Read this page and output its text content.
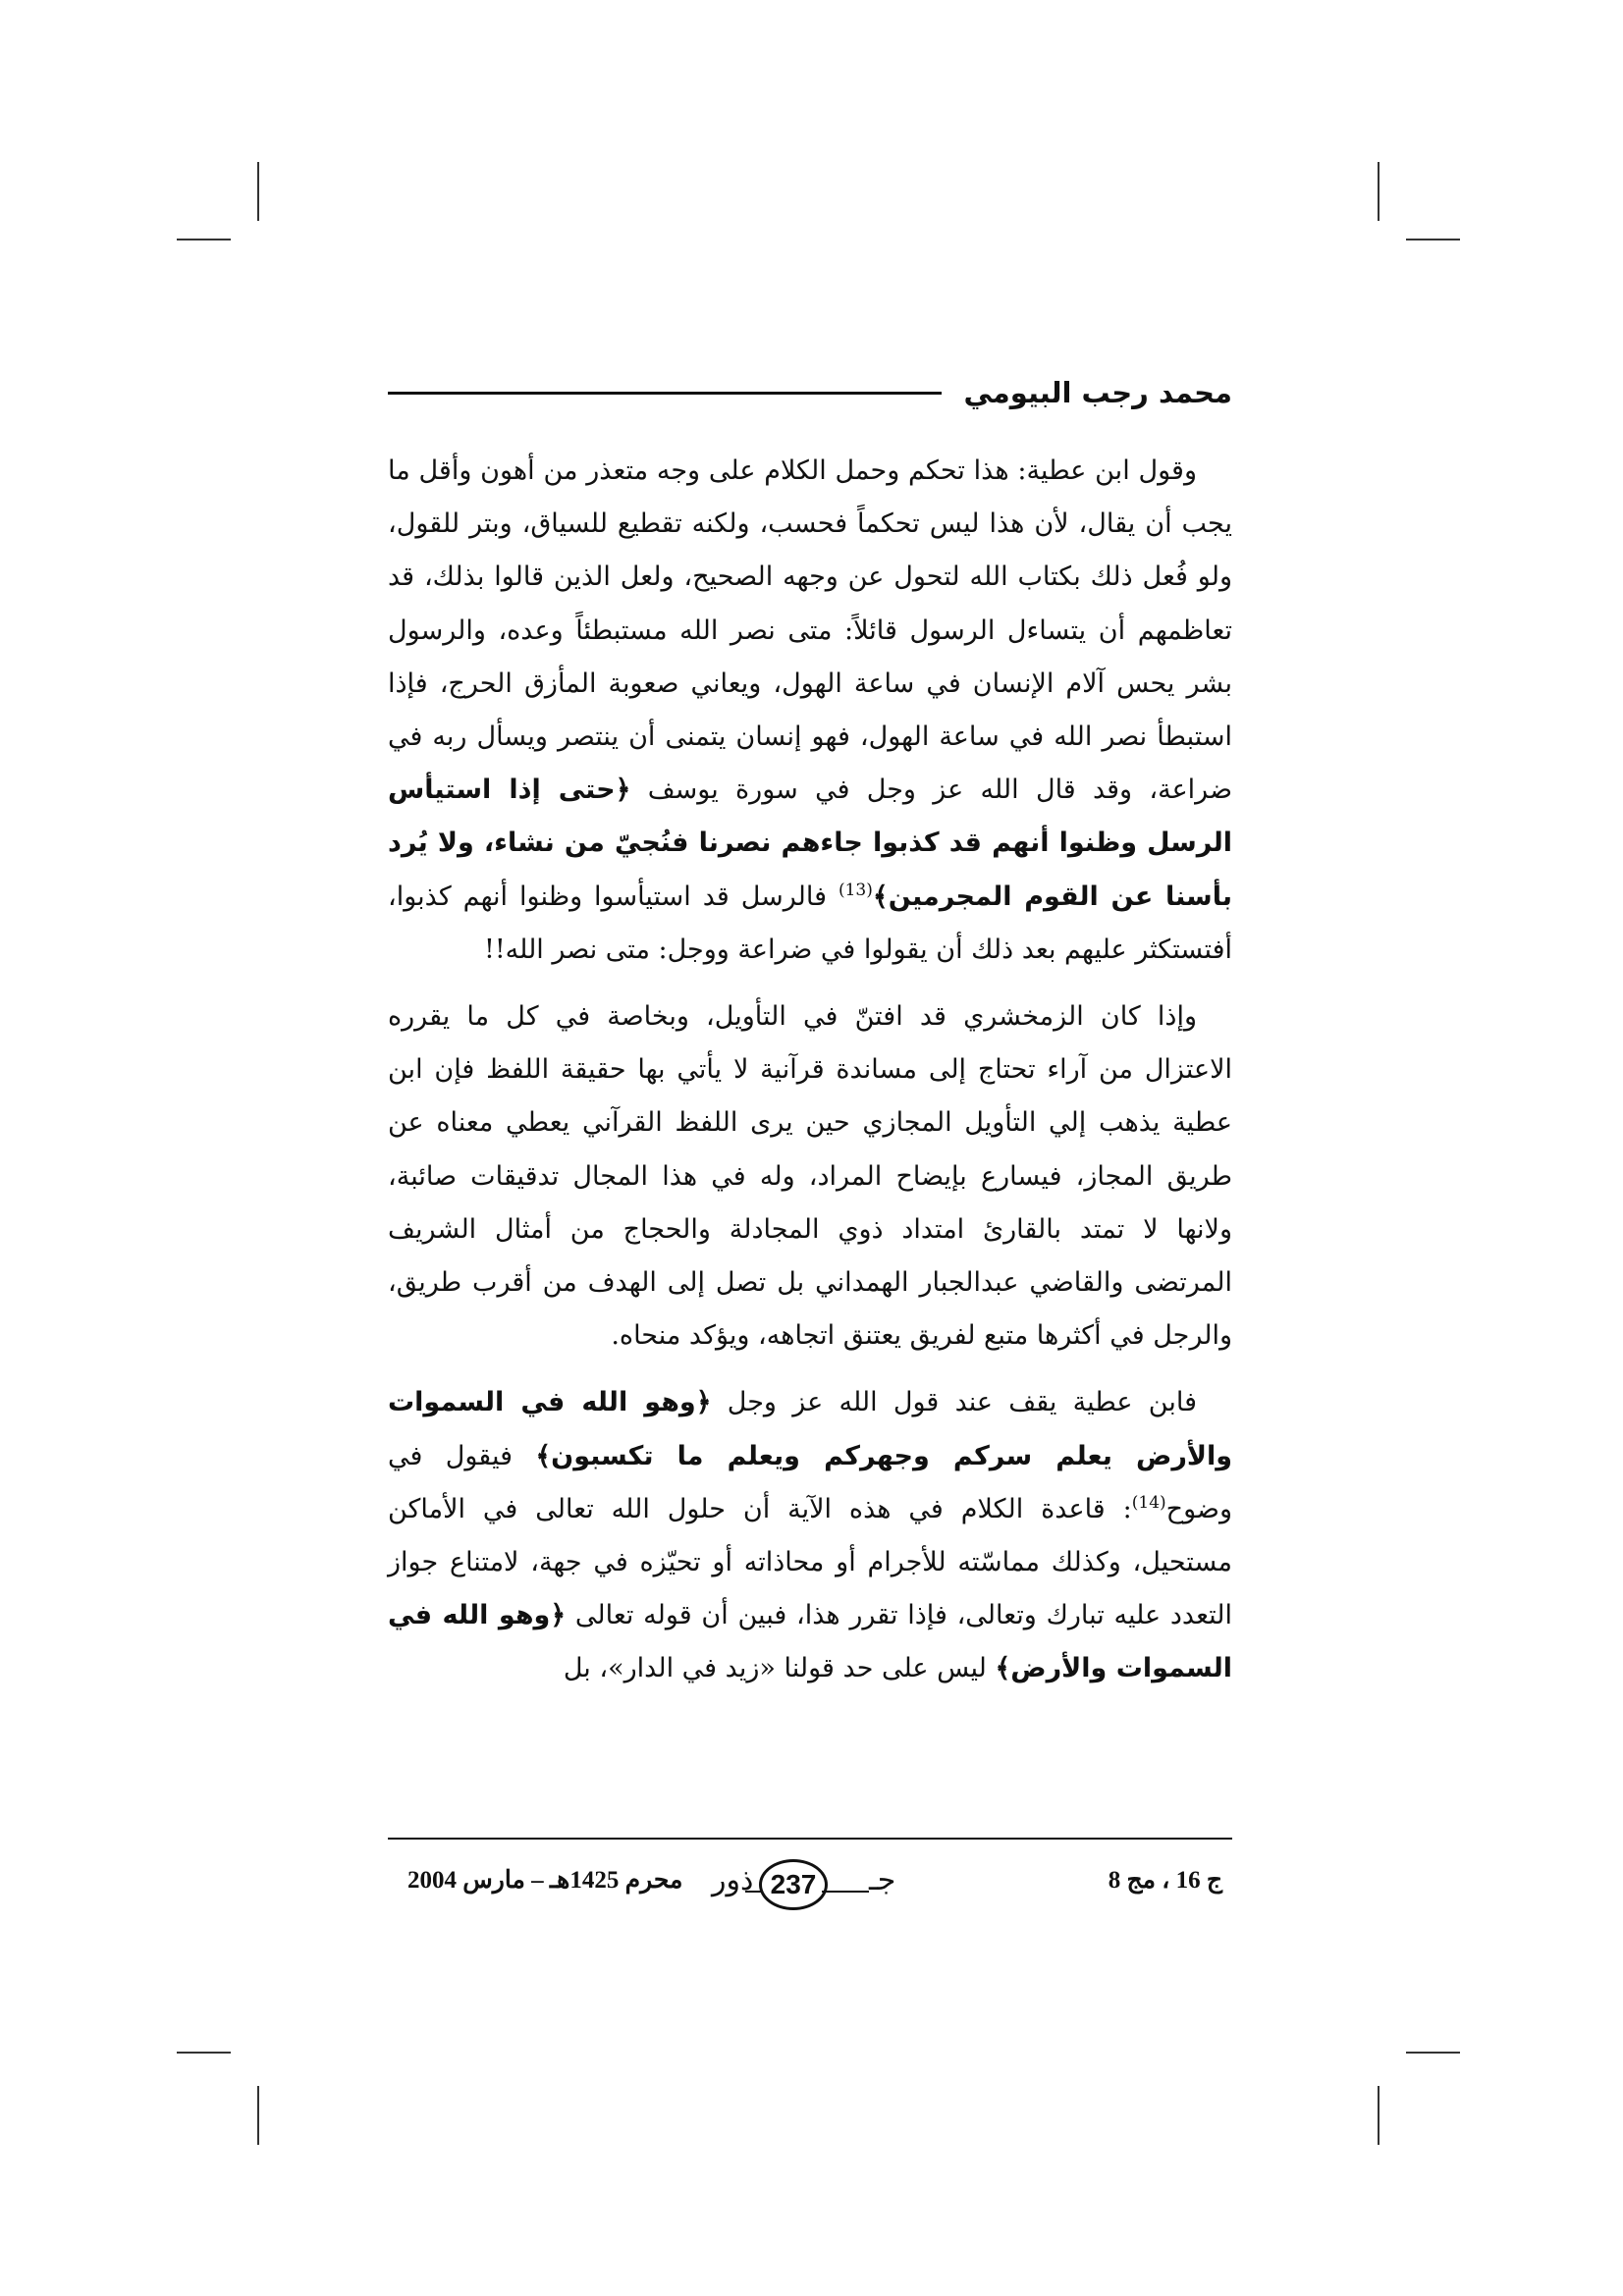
محمد رجب البيومي

وقول ابن عطية: هذا تحكم وحمل الكلام على وجه متعذر من أهون وأقل ما يجب أن يقال، لأن هذا ليس تحكماً فحسب، ولكنه تقطيع للسياق، وبتر للقول، ولو فُعل ذلك بكتاب الله لتحول عن وجهه الصحيح، ولعل الذين قالوا بذلك، قد تعاظمهم أن يتساءل الرسول قائلاً: متى نصر الله مستبطئاً وعده، والرسول بشر يحس آلام الإنسان في ساعة الهول، ويعاني صعوبة المأزق الحرج، فإذا استبطأ نصر الله في ساعة الهول، فهو إنسان يتمنى أن ينتصر ويسأل ربه في ضراعة، وقد قال الله عز وجل في سورة يوسف ﴿حتى إذا استيأس الرسل وظنوا أنهم قد كذبوا جاءهم نصرنا فنُجيّ من نشاء، ولا يُرد بأسنا عن القوم المجرمين﴾$^{(13)}$ فالرسل قد استيأسوا وظنوا أنهم كذبوا، أفتستكثر عليهم بعد ذلك أن يقولوا في ضراعة ووجل: متى نصر الله!!

وإذا كان الزمخشري قد افتنّ في التأويل، وبخاصة في كل ما يقرره الاعتزال من آراء تحتاج إلى مساندة قرآنية لا يأتي بها حقيقة اللفظ فإن ابن عطية يذهب إلي التأويل المجازي حين يرى اللفظ القرآني يعطي معناه عن طريق المجاز، فيسارع بإيضاح المراد، وله في هذا المجال تدقيقات صائبة، ولانها لا تمتد بالقارئ امتداد ذوي المجادلة والحجاج من أمثال الشريف المرتضى والقاضي عبدالجبار الهمداني بل تصل إلى الهدف من أقرب طريق، والرجل في أكثرها متبع لفريق يعتنق اتجاهه، ويؤكد منحاه.

فابن عطية يقف عند قول الله عز وجل ﴿وهو الله في السموات والأرض يعلم سركم وجهركم ويعلم ما تكسبون﴾ فيقول في وضوح$^{(14)}$: قاعدة الكلام في هذه الآية أن حلول الله تعالى في الأماكن مستحيل، وكذلك مماسّته للأجرام أو محاذاته أو تحيّزه في جهة، لامتناع جواز التعدد عليه تبارك وتعالى، فإذا تقرر هذا، فبين أن قوله تعالى ﴿وهو الله في السموات والأرض﴾ ليس على حد قولنا «زيد في الدار»، بل

ج 16 ، مج 8
جـ
237
ذور
محرم 1425هـ – مارس 2004
